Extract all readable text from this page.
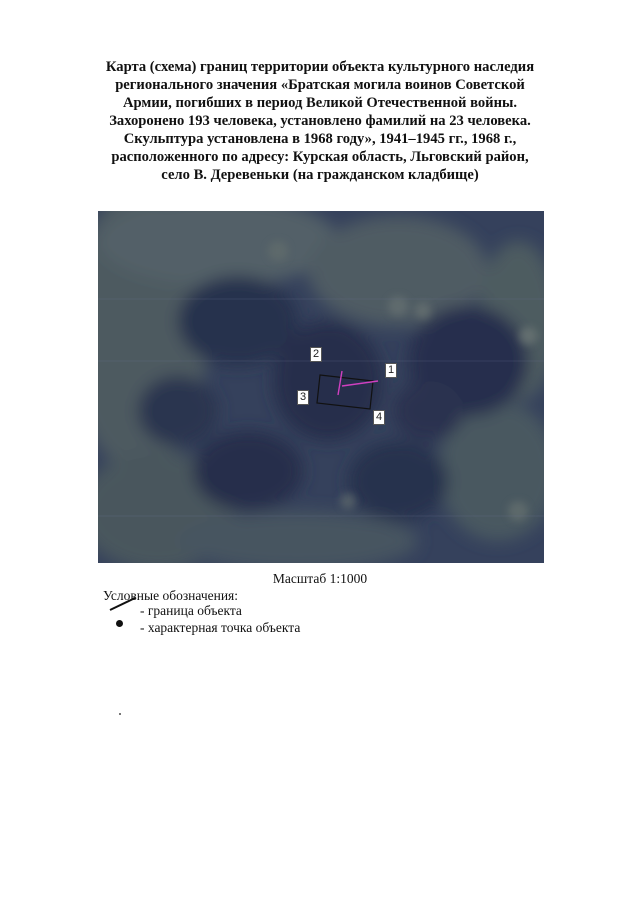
Карта (схема) границ территории объекта культурного наследия
регионального значения «Братская могила воинов Советской
Армии, погибших в период Великой Отечественной войны.
Захоронено 193 человека, установлено фамилий на 23 человека.
Скульптура установлена в 1968 году», 1941–1945 гг., 1968 г.,
расположенного по адресу: Курская область, Льговский район,
село В. Деревеньки (на гражданском кладбище)
2
1
3
4
Масштаб 1:1000
Условные обозначения:
- граница объекта
- характерная точка объекта
